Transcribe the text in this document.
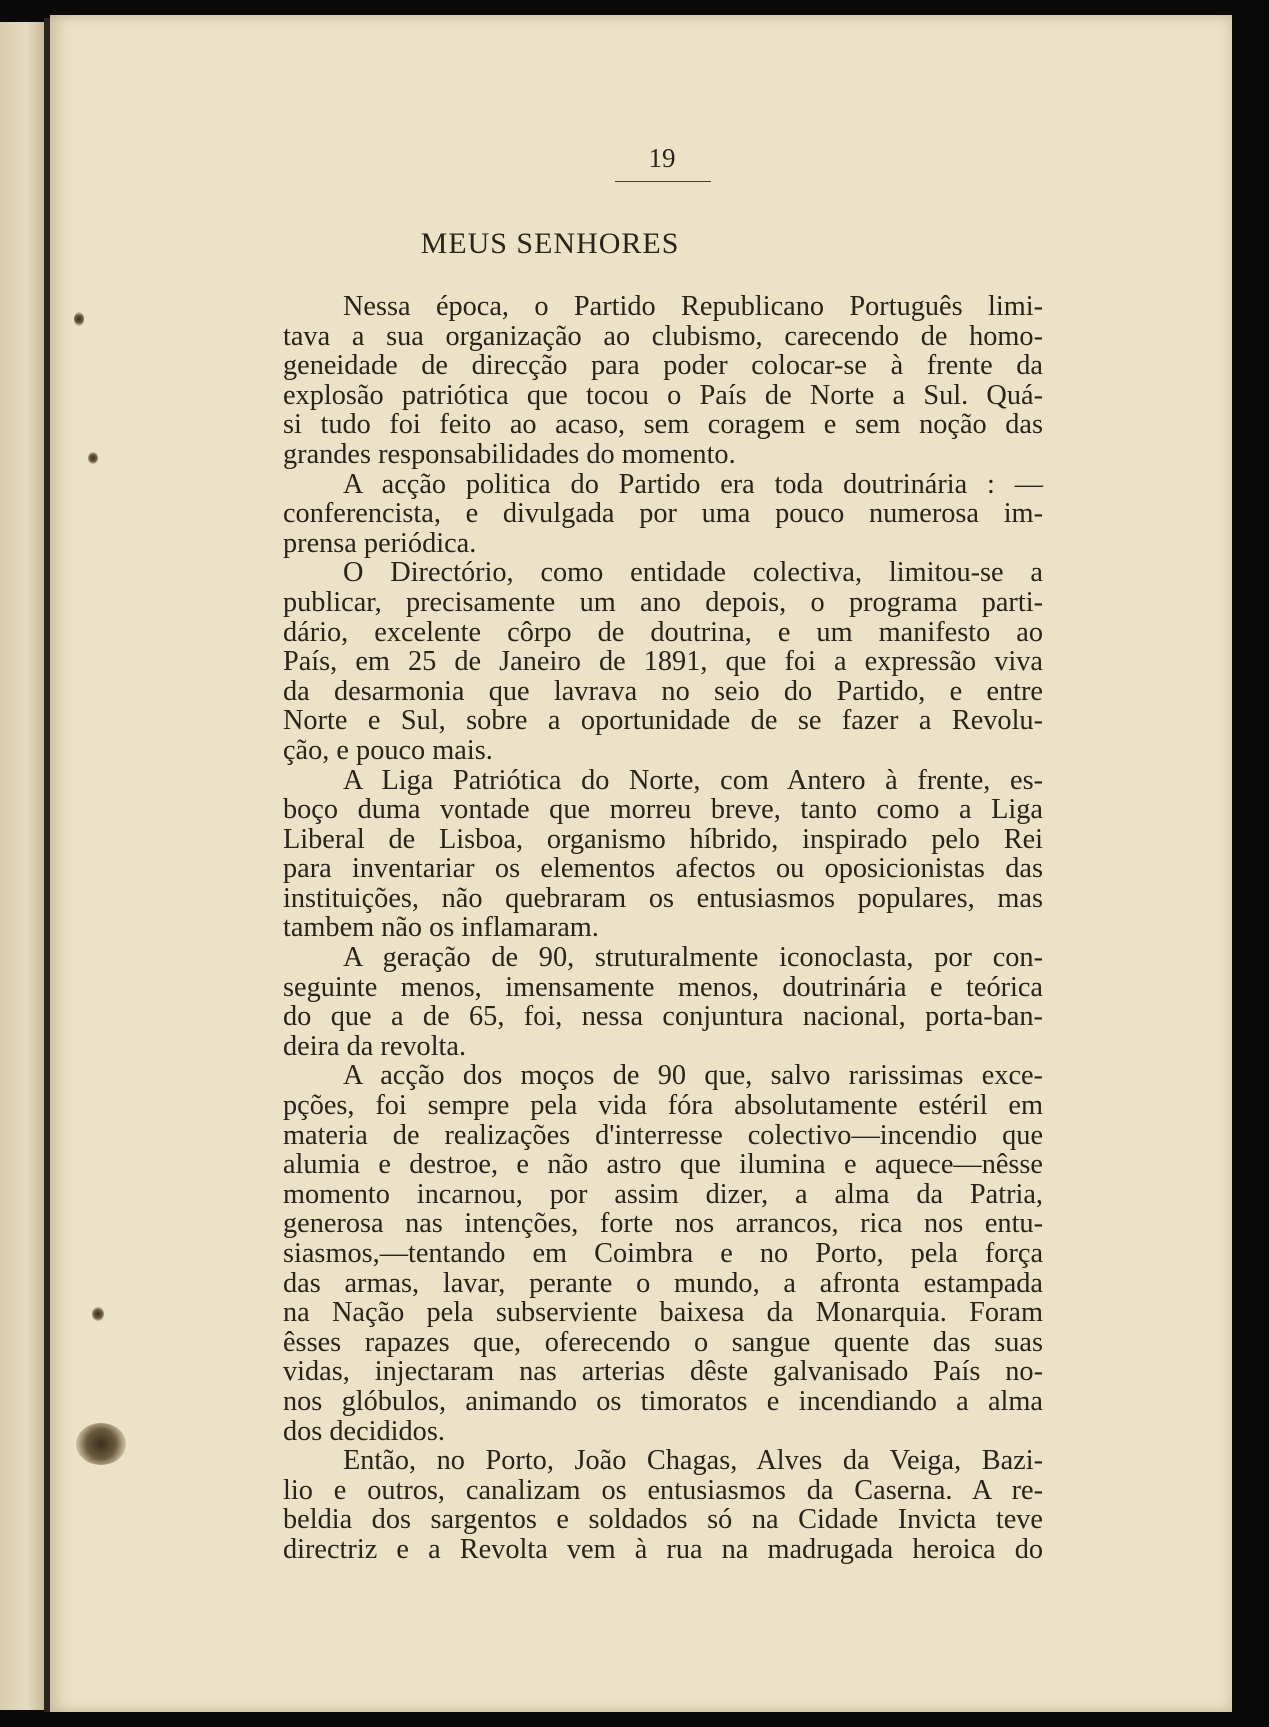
19
MEUS SENHORES

Nessa época, o Partido Republicano Português limi-

tava a sua organização ao clubismo, carecendo de homo-

geneidade de direcção para poder colocar-se à frente da

explosão patriótica que tocou o País de Norte a Sul. Quá-

si tudo foi feito ao acaso, sem coragem e sem noção das

grandes responsabilidades do momento.

A acção politica do Partido era toda doutrinária : —

conferencista, e divulgada por uma pouco numerosa im-

prensa periódica.

O Directório, como entidade colectiva, limitou-se a

publicar, precisamente um ano depois, o programa parti-

dário, excelente côrpo de doutrina, e um manifesto ao

País, em 25 de Janeiro de 1891, que foi a expressão viva

da desarmonia que lavrava no seio do Partido, e entre

Norte e Sul, sobre a oportunidade de se fazer a Revolu-

ção, e pouco mais.

A Liga Patriótica do Norte, com Antero à frente, es-

boço duma vontade que morreu breve, tanto como a Liga

Liberal de Lisboa, organismo híbrido, inspirado pelo Rei

para inventariar os elementos afectos ou oposicionistas das

instituições, não quebraram os entusiasmos populares, mas

tambem não os inflamaram.

A geração de 90, struturalmente iconoclasta, por con-

seguinte menos, imensamente menos, doutrinária e teórica

do que a de 65, foi, nessa conjuntura nacional, porta-ban-

deira da revolta.

A acção dos moços de 90 que, salvo rarissimas exce-

pções, foi sempre pela vida fóra absolutamente estéril em

materia de realizações d'interresse colectivo—incendio que

alumia e destroe, e não astro que ilumina e aquece—nêsse

momento incarnou, por assim dizer, a alma da Patria,

generosa nas intenções, forte nos arrancos, rica nos entu-

siasmos,—tentando em Coimbra e no Porto, pela força

das armas, lavar, perante o mundo, a afronta estampada

na Nação pela subserviente baixesa da Monarquia. Foram

êsses rapazes que, oferecendo o sangue quente das suas

vidas, injectaram nas arterias dêste galvanisado País no-

nos glóbulos, animando os timoratos e incendiando a alma

dos decididos.

Então, no Porto, João Chagas, Alves da Veiga, Bazi-

lio e outros, canalizam os entusiasmos da Caserna. A re-

beldia dos sargentos e soldados só na Cidade Invicta teve

directriz e a Revolta vem à rua na madrugada heroica do
